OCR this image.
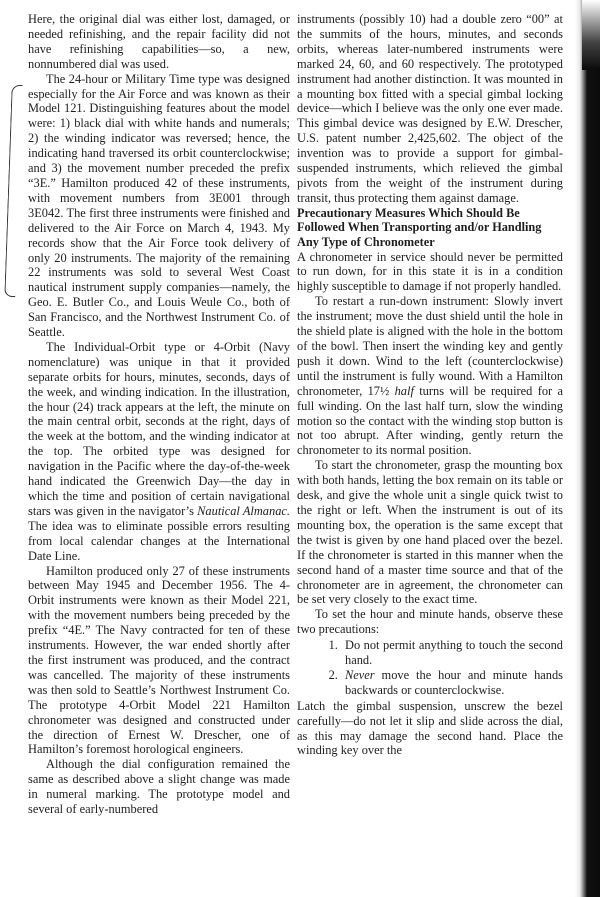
Here, the original dial was either lost, damaged, or needed refinishing, and the repair facility did not have refinishing capabilities—so, a new, nonnumbered dial was used.

The 24-hour or Military Time type was designed especially for the Air Force and was known as their Model 121. Distinguishing features about the model were: 1) black dial with white hands and numerals; 2) the winding indicator was reversed; hence, the indicating hand traversed its orbit counterclockwise; and 3) the movement number preceded the prefix “3E.” Hamilton produced 42 of these instruments, with movement numbers from 3E001 through 3E042. The first three instruments were finished and delivered to the Air Force on March 4, 1943. My records show that the Air Force took delivery of only 20 instruments. The majority of the remaining 22 instruments was sold to several West Coast nautical instrument supply companies—namely, the Geo. E. Butler Co., and Louis Weule Co., both of San Francisco, and the Northwest Instrument Co. of Seattle.

The Individual-Orbit type or 4-Orbit (Navy nomenclature) was unique in that it provided separate orbits for hours, minutes, seconds, days of the week, and winding indication. In the illustration, the hour (24) track appears at the left, the minute on the main central orbit, seconds at the right, days of the week at the bottom, and the winding indicator at the top. The orbited type was designed for navigation in the Pacific where the day-of-the-week hand indicated the Greenwich Day—the day in which the time and position of certain navigational stars was given in the navigator’s Nautical Almanac. The idea was to eliminate possible errors resulting from local calendar changes at the International Date Line.

Hamilton produced only 27 of these instruments between May 1945 and December 1956. The 4-Orbit instruments were known as their Model 221, with the movement numbers being preceded by the prefix “4E.” The Navy contracted for ten of these instruments. However, the war ended shortly after the first instrument was produced, and the contract was cancelled. The majority of these instruments was then sold to Seattle’s Northwest Instrument Co. The prototype 4-Orbit Model 221 Hamilton chronometer was designed and constructed under the direction of Ernest W. Drescher, one of Hamilton’s foremost horological engineers.

Although the dial configuration remained the same as described above a slight change was made in numeral marking. The prototype model and several of early-numbered

instruments (possibly 10) had a double zero “00” at the summits of the hours, minutes, and seconds orbits, whereas later-numbered instruments were marked 24, 60, and 60 respectively. The prototyped instrument had another distinction. It was mounted in a mounting box fitted with a special gimbal locking device—which I believe was the only one ever made. This gimbal device was designed by E.W. Drescher, U.S. patent number 2,425,602. The object of the invention was to provide a support for gimbal-suspended instruments, which relieved the gimbal pivots from the weight of the instrument during transit, thus protecting them against damage.

Precautionary Measures Which Should Be Followed When Transporting and/or Handling Any Type of Chronometer

A chronometer in service should never be permitted to run down, for in this state it is in a condition highly susceptible to damage if not properly handled.

To restart a run-down instrument: Slowly invert the instrument; move the dust shield until the hole in the shield plate is aligned with the hole in the bottom of the bowl. Then insert the winding key and gently push it down. Wind to the left (counterclockwise) until the instrument is fully wound. With a Hamilton chronometer, 17½ half turns will be required for a full winding. On the last half turn, slow the winding motion so the contact with the winding stop button is not too abrupt. After winding, gently return the chronometer to its normal position.

To start the chronometer, grasp the mounting box with both hands, letting the box remain on its table or desk, and give the whole unit a single quick twist to the right or left. When the instrument is out of its mounting box, the operation is the same except that the twist is given by one hand placed over the bezel. If the chronometer is started in this manner when the second hand of a master time source and that of the chronometer are in agreement, the chronometer can be set very closely to the exact time.

To set the hour and minute hands, observe these two precautions:

1. Do not permit anything to touch the second hand.
2. Never move the hour and minute hands backwards or counterclockwise.

Latch the gimbal suspension, unscrew the bezel carefully—do not let it slip and slide across the dial, as this may damage the second hand. Place the winding key over the
